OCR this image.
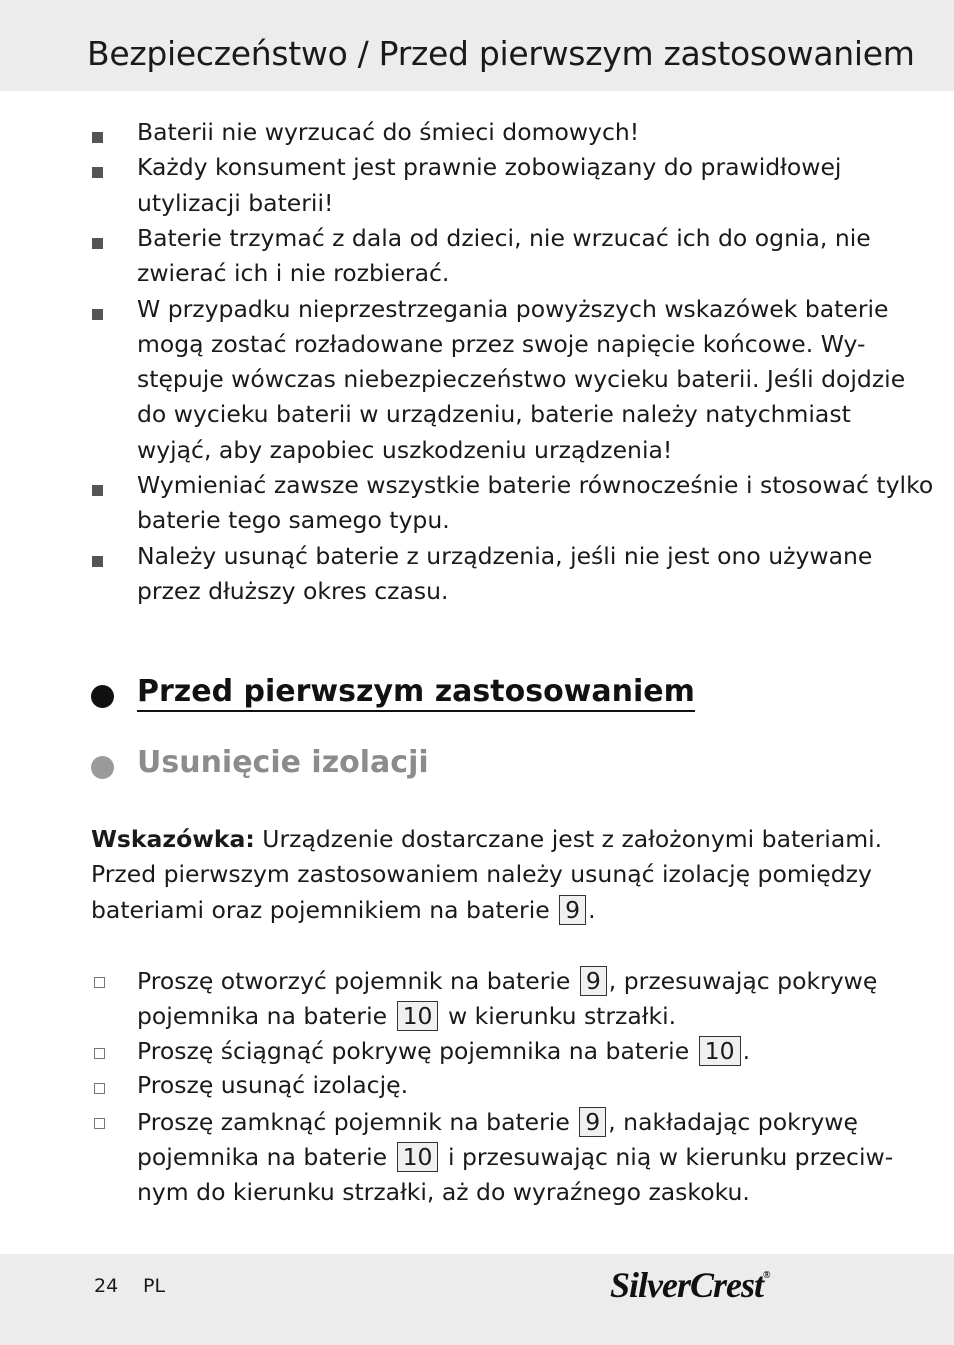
Bezpieczeństwo / Przed pierwszym zastosowaniem
Baterii nie wyrzucać do śmieci domowych!
Każdy konsument jest prawnie zobowiązany do prawidłowej
utylizacji baterii!
Baterie trzymać z dala od dzieci, nie wrzucać ich do ognia, nie
zwierać ich i nie rozbierać.
W przypadku nieprzestrzegania powyższych wskazówek baterie
mogą zostać rozładowane przez swoje napięcie końcowe. Wy-
stępuje wówczas niebezpieczeństwo wycieku baterii. Jeśli dojdzie
do wycieku baterii w urządzeniu, baterie należy natychmiast
wyjąć, aby zapobiec uszkodzeniu urządzenia!
Wymieniać zawsze wszystkie baterie równocześnie i stosować tylko
baterie tego samego typu.
Należy usunąć baterie z urządzenia, jeśli nie jest ono używane
przez dłuższy okres czasu.
Przed pierwszym zastosowaniem
Usunięcie izolacji
Wskazówka: Urządzenie dostarczane jest z założonymi bateriami.
Przed pierwszym zastosowaniem należy usunąć izolację pomiędzy
bateriami oraz pojemnikiem na baterie 9 .
Proszę otworzyć pojemnik na baterie 9 , przesuwając pokrywę
pojemnika na baterie 10 w kierunku strzałki.
Proszę ściągnąć pokrywę pojemnika na baterie 10 .
Proszę usunąć izolację.
Proszę zamknąć pojemnik na baterie 9 , nakładając pokrywę
pojemnika na baterie 10 i przesuwając nią w kierunku przeciw-
nym do kierunku strzałki, aż do wyraźnego zaskoku.
24 PL	SilverCrest®
